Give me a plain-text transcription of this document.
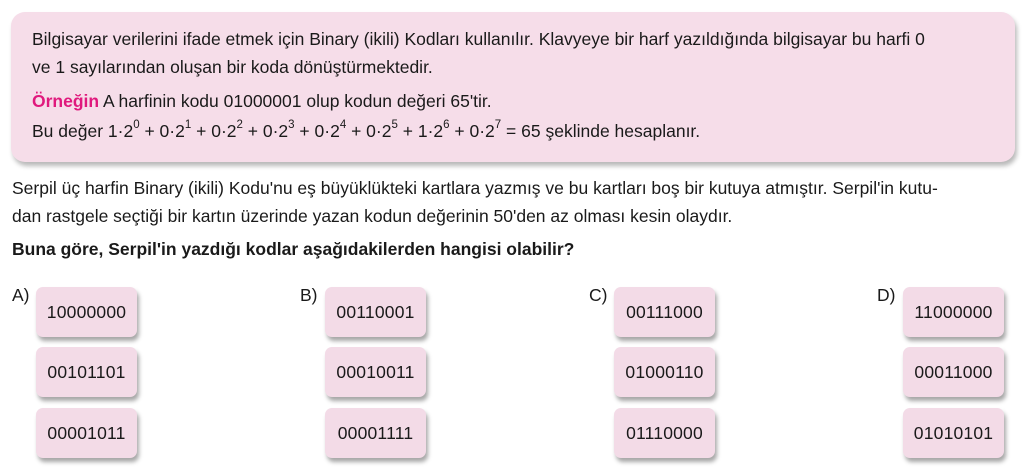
Bilgisayar verilerini ifade etmek için Binary (ikili) Kodları kullanılır. Klavyeye bir harf yazıldığında bilgisayar bu harfi 0
ve 1 sayılarından oluşan bir koda dönüştürmektedir.
Örneğin A harfinin kodu 01000001 olup kodun değeri 65'tir.
Bu değer $1\cdot 2^0 + 0\cdot 2^1 + 0\cdot 2^2 + 0\cdot 2^3 + 0\cdot 2^4 + 0\cdot 2^5 + 1\cdot 2^6 + 0\cdot 2^7 = 65$ şeklinde hesaplanır.
Serpil üç harfin Binary (ikili) Kodu'nu eş büyüklükteki kartlara yazmış ve bu kartları boş bir kutuya atmıştır. Serpil'in kutu-
dan rastgele seçtiği bir kartın üzerinde yazan kodun değerinin 50'den az olması kesin olaydır.
Buna göre, Serpil'in yazdığı kodlar aşağıdakilerden hangisi olabilir?
A)
10000000
00101101
00001011
B)
00110001
00010011
00001111
C)
00111000
01000110
01110000
D)
11000000
00011000
01010101
